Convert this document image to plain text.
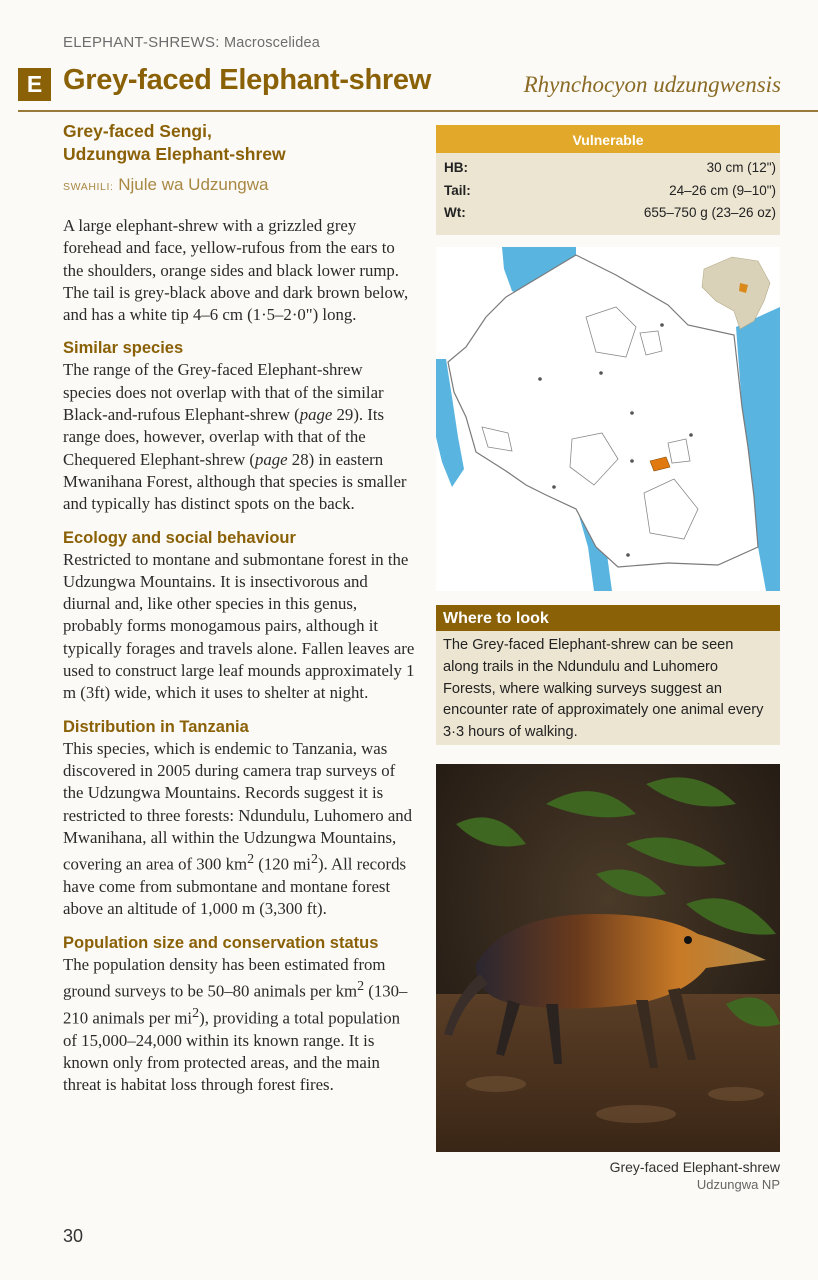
ELEPHANT-SHREWS: Macroscelidea
E Grey-faced Elephant-shrew	Rhynchocyon udzungwensis

Grey-faced Sengi,
Udzungwa Elephant-shrew

SWAHILI: Njule wa Udzungwa
A large elephant-shrew with a grizzled grey forehead and face, yellow-rufous from the ears to the shoulders, orange sides and black lower rump. The tail is grey-black above and dark brown below, and has a white tip 4–6 cm (1·5–2·0") long.
Similar species
The range of the Grey-faced Elephant-shrew species does not overlap with that of the similar Black-and-rufous Elephant-shrew (page 29). Its range does, however, overlap with that of the Chequered Elephant-shrew (page 28) in eastern Mwanihana Forest, although that species is smaller and typically has distinct spots on the back.
Ecology and social behaviour
Restricted to montane and submontane forest in the Udzungwa Mountains. It is insectivorous and diurnal and, like other species in this genus, probably forms monogamous pairs, although it typically forages and travels alone. Fallen leaves are used to construct large leaf mounds approximately 1 m (3ft) wide, which it uses to shelter at night.
Distribution in Tanzania
This species, which is endemic to Tanzania, was discovered in 2005 during camera trap surveys of the Udzungwa Mountains. Records suggest it is restricted to three forests: Ndundulu, Luhomero and Mwanihana, all within the Udzungwa Mountains, covering an area of 300 $km^2$ (120 $mi^2$). All records have come from submontane and montane forest above an altitude of 1,000 m (3,300 ft).
Population size and conservation status
The population density has been estimated from ground surveys to be 50–80 animals per $km^2$ (130–210 animals per $mi^2$), providing a total population of 15,000–24,000 within its known range. It is known only from protected areas, and the main threat is habitat loss through forest fires.
30
Vulnerable
HB:	30 cm (12")
Tail:	24–26 cm (9–10")
Wt:	655–750 g (23–26 oz)
Where to look
The Grey-faced Elephant-shrew can be seen along trails in the Ndundulu and Luhomero Forests, where walking surveys suggest an encounter rate of approximately one animal every 3·3 hours of walking.
Grey-faced Elephant-shrew
Udzungwa NP
